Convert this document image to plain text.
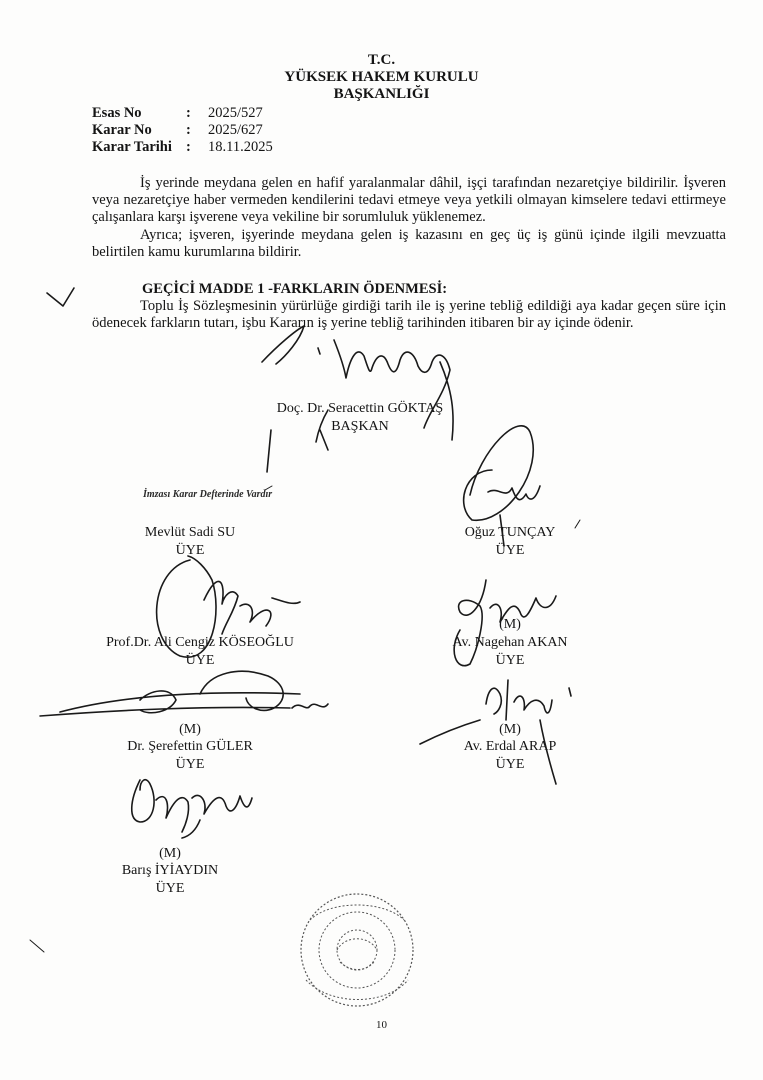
T.C.

YÜKSEK HAKEM KURULU

BAŞKANLIĞI

Esas No	: 2025/527
Karar No : 2025/627
Karar Tarihi : 18.11.2025

İş yerinde meydana gelen en hafif yaralanmalar dâhil, işçi tarafından nezaretçiye bildirilir. İşveren veya nezaretçiye haber vermeden kendilerini tedavi etmeye veya yetkili olmayan kimselere tedavi ettirmeye çalışanlara karşı işverene veya vekiline bir sorumluluk yüklenemez.

Ayrıca; işveren, işyerinde meydana gelen iş kazasını en geç üç iş günü içinde ilgili mevzuatta belirtilen kamu kurumlarına bildirir.

GEÇİCİ MADDE 1 -FARKLARIN ÖDENMESİ:

Toplu İş Sözleşmesinin yürürlüğe girdiği tarih ile iş yerine tebliğ edildiği aya kadar geçen süre için ödenecek farkların tutarı, işbu Kararın iş yerine tebliğ tarihinden itibaren bir ay içinde ödenir.

Doç. Dr. Seracettin GÖKTAŞ

BAŞKAN

İmzası Karar Defterinde Vardır

Mevlüt Sadi SU

ÜYE

Oğuz TUNÇAY

ÜYE

Prof.Dr. Ali Cengiz KÖSEOĞLU

ÜYE

(M)

Av. Nagehan AKAN

ÜYE

(M)

Dr. Şerefettin GÜLER

ÜYE

(M)

Av. Erdal ARAP

ÜYE

(M)

Barış İYİAYDIN

ÜYE

10
